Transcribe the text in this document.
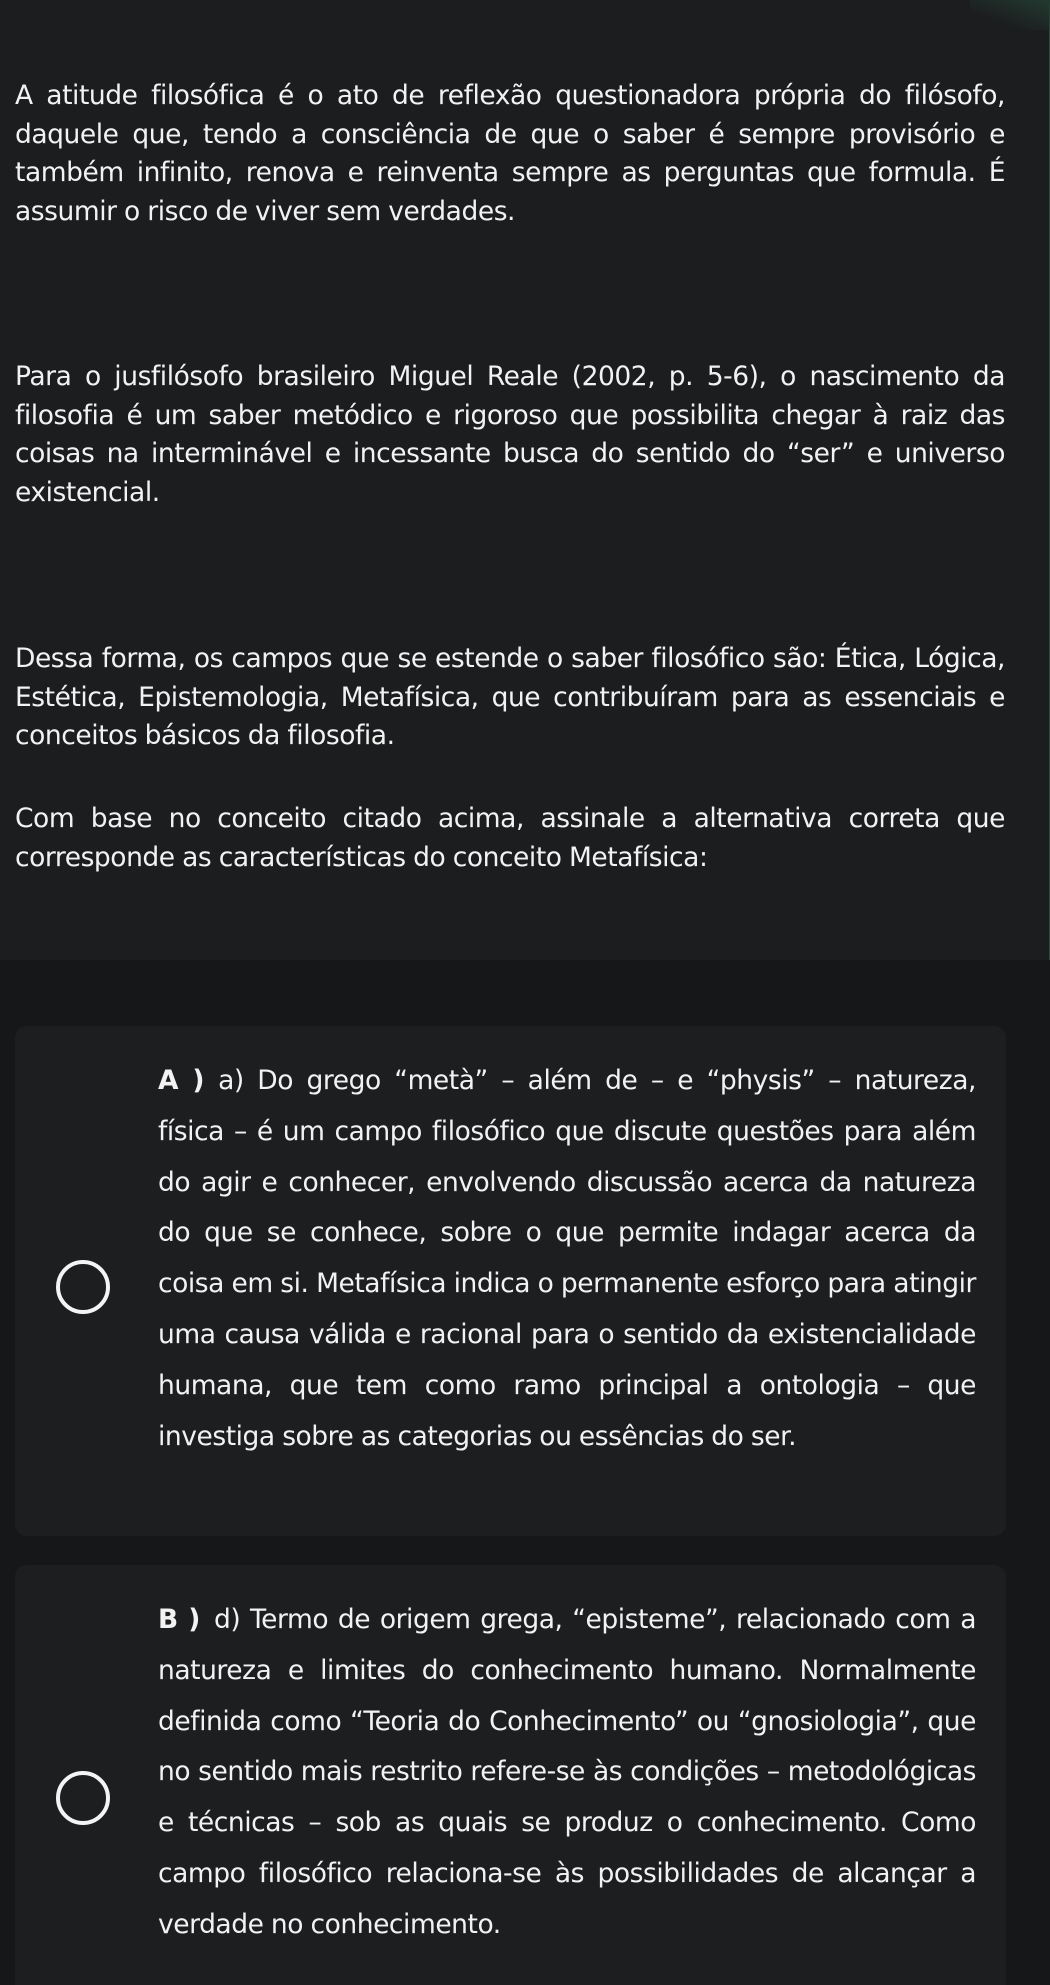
A atitude filosófica é o ato de reflexão questionadora própria do filósofo, daquele que, tendo a consciência de que o saber é sempre provisório e também infinito, renova e reinventa sempre as perguntas que formula. É assumir o risco de viver sem verdades.

Para o jusfilósofo brasileiro Miguel Reale (2002, p. 5-6), o nascimento da filosofia é um saber metódico e rigoroso que possibilita chegar à raiz das coisas na interminável e incessante busca do sentido do “ser” e universo existencial.

Dessa forma, os campos que se estende o saber filosófico são: Ética, Lógica, Estética, Epistemologia, Metafísica, que contribuíram para as essenciais e conceitos básicos da filosofia.

Com base no conceito citado acima, assinale a alternativa correta que corresponde as características do conceito Metafísica:

A ) a) Do grego “metà” – além de – e “physis” – natureza, física – é um campo filosófico que discute questões para além do agir e conhecer, envolvendo discussão acerca da natureza do que se conhece, sobre o que permite indagar acerca da coisa em si. Metafísica indica o permanente esforço para atingir uma causa válida e racional para o sentido da existencialidade humana, que tem como ramo principal a ontologia – que investiga sobre as categorias ou essências do ser.

B ) d) Termo de origem grega, “episteme”, relacionado com a natureza e limites do conhecimento humano. Normalmente definida como “Teoria do Conhecimento” ou “gnosiologia”, que no sentido mais restrito refere-se às condições – metodológicas e técnicas – sob as quais se produz o conhecimento. Como campo filosófico relaciona-se às possibilidades de alcançar a verdade no conhecimento.
